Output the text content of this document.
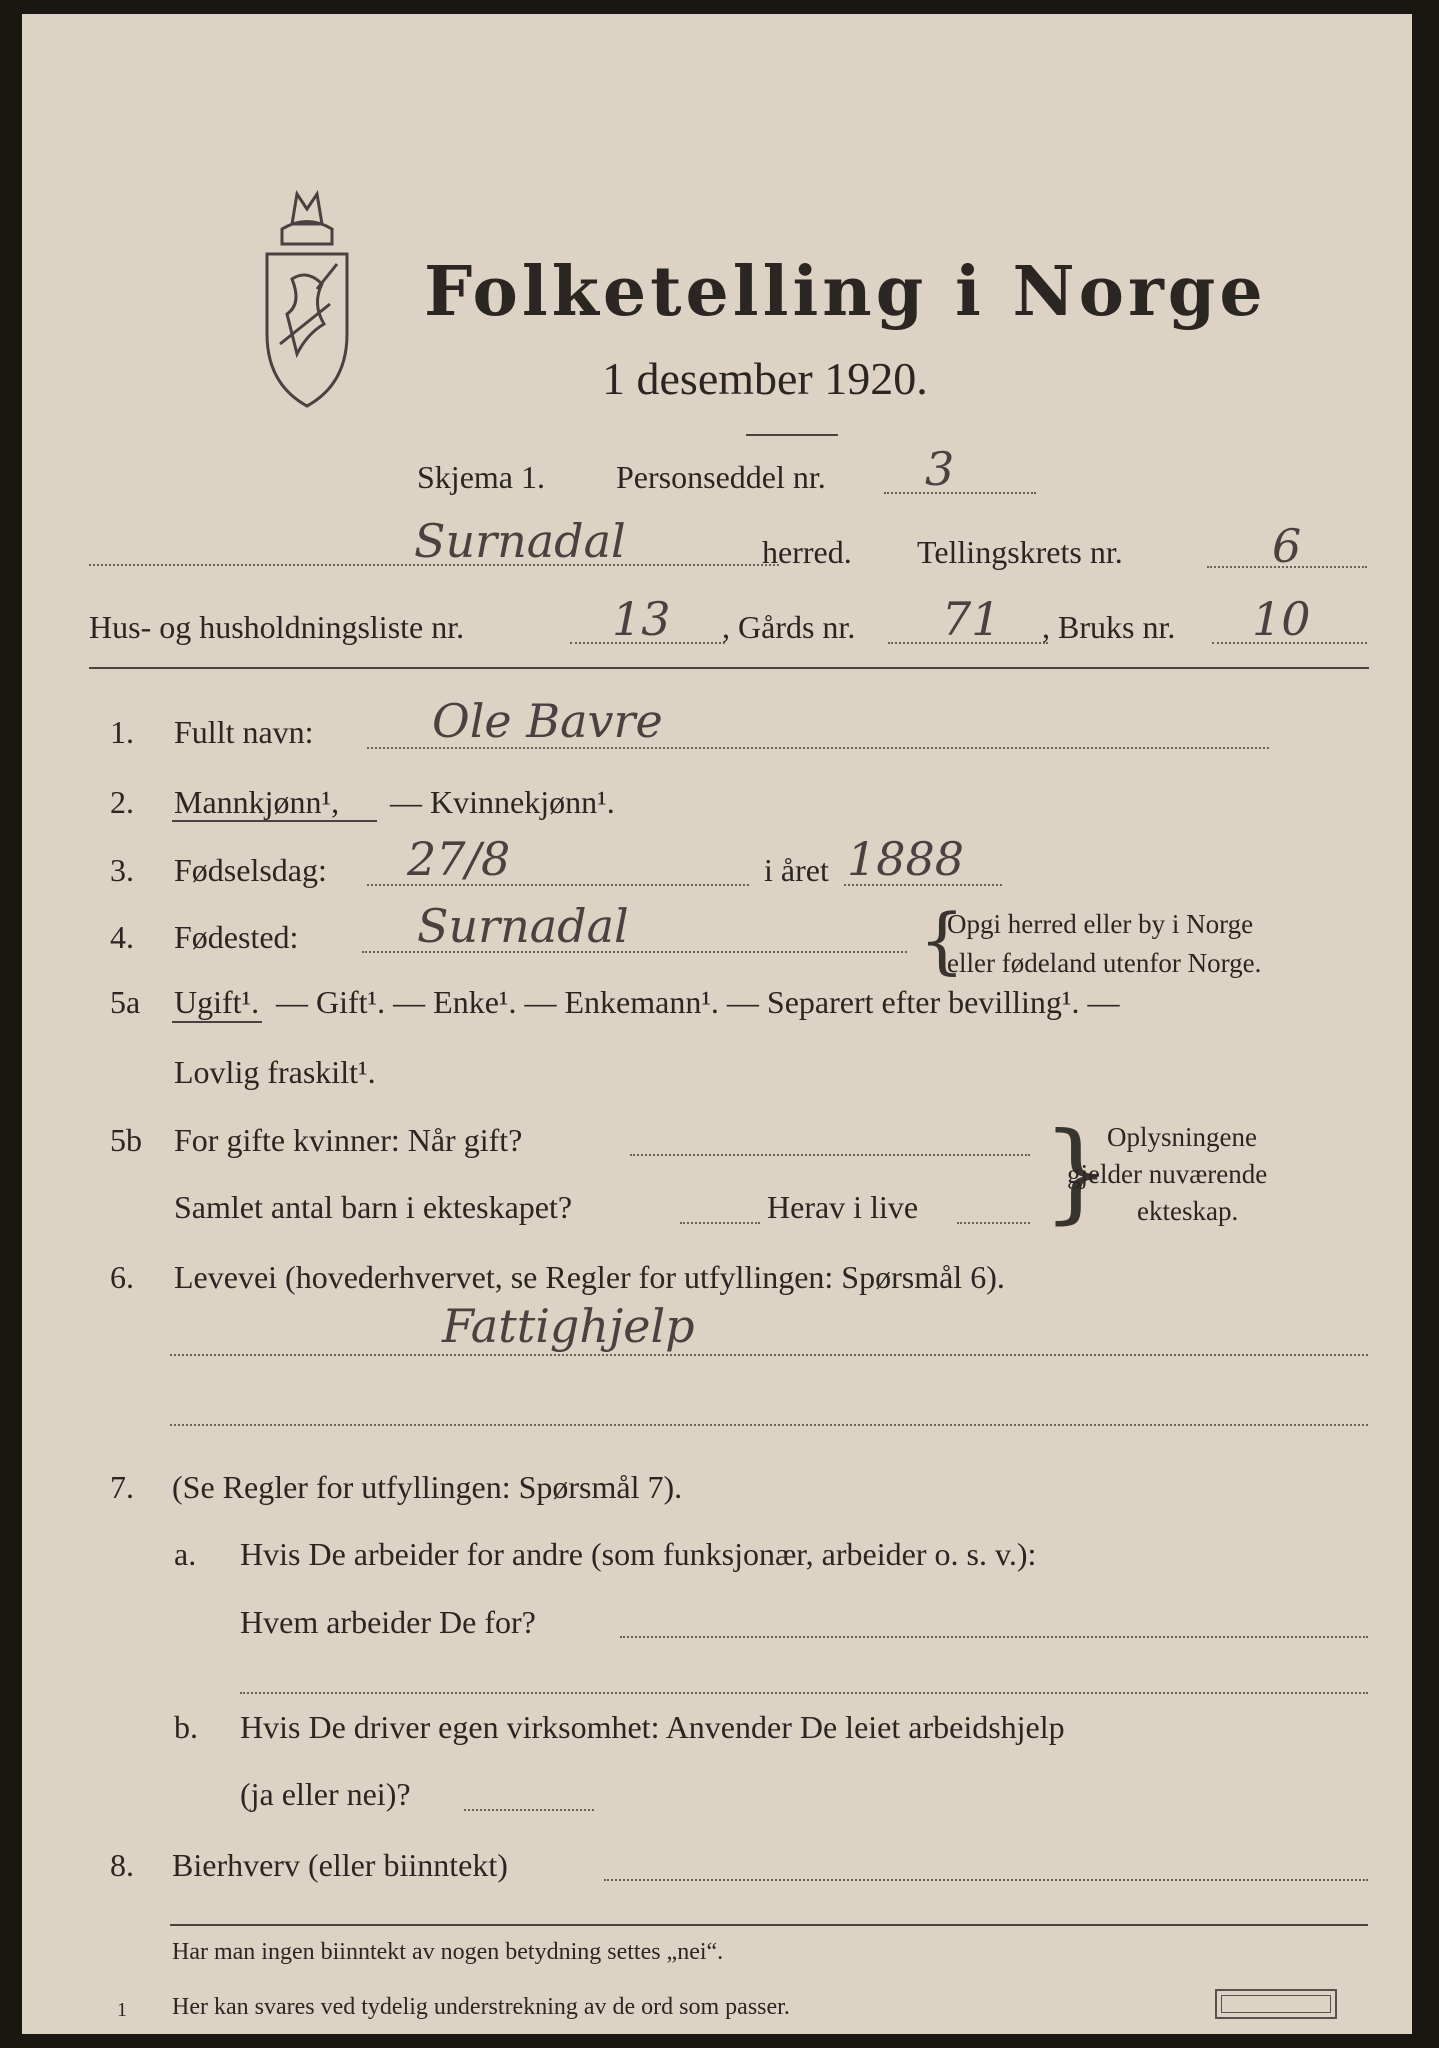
Folketelling i Norge
1 desember 1920.
Skjema 1. Personseddel nr. 3
Surnadal	herred. Tellingskrets nr.	6
Hus- og husholdningsliste nr.	13 , Gårds nr. 71 , Bruks nr. 10
1. Fullt navn:	Ole Bavre
2. Mannkjønn¹, — Kvinnekjønn¹.
3. Fødselsdag: 27/8	i året 1888
4. Fødested:	Surnadal	{
Opgi herred eller by i Norge
eller fødeland utenfor Norge.
5a Ugift¹. — Gift¹. — Enke¹. — Enkemann¹. — Separert efter bevilling¹. —
Lovlig fraskilt¹.
5b For gifte kvinner: Når gift?
Samlet antal barn i ekteskapet?	Herav i live }
Oplysningene
gjelder nuværende
ekteskap.
6. Levevei (hovederhvervet, se Regler for utfyllingen: Spørsmål 6).
Fattighjelp
7. (Se Regler for utfyllingen: Spørsmål 7).
a. Hvis De arbeider for andre (som funksjonær, arbeider o. s. v.):
Hvem arbeider De for?
b. Hvis De driver egen virksomhet: Anvender De leiet arbeidshjelp
(ja eller nei)?
8. Bierhverv (eller biinntekt)
Har man ingen biinntekt av nogen betydning settes „nei“.
1 Her kan svares ved tydelig understrekning av de ord som passer.
